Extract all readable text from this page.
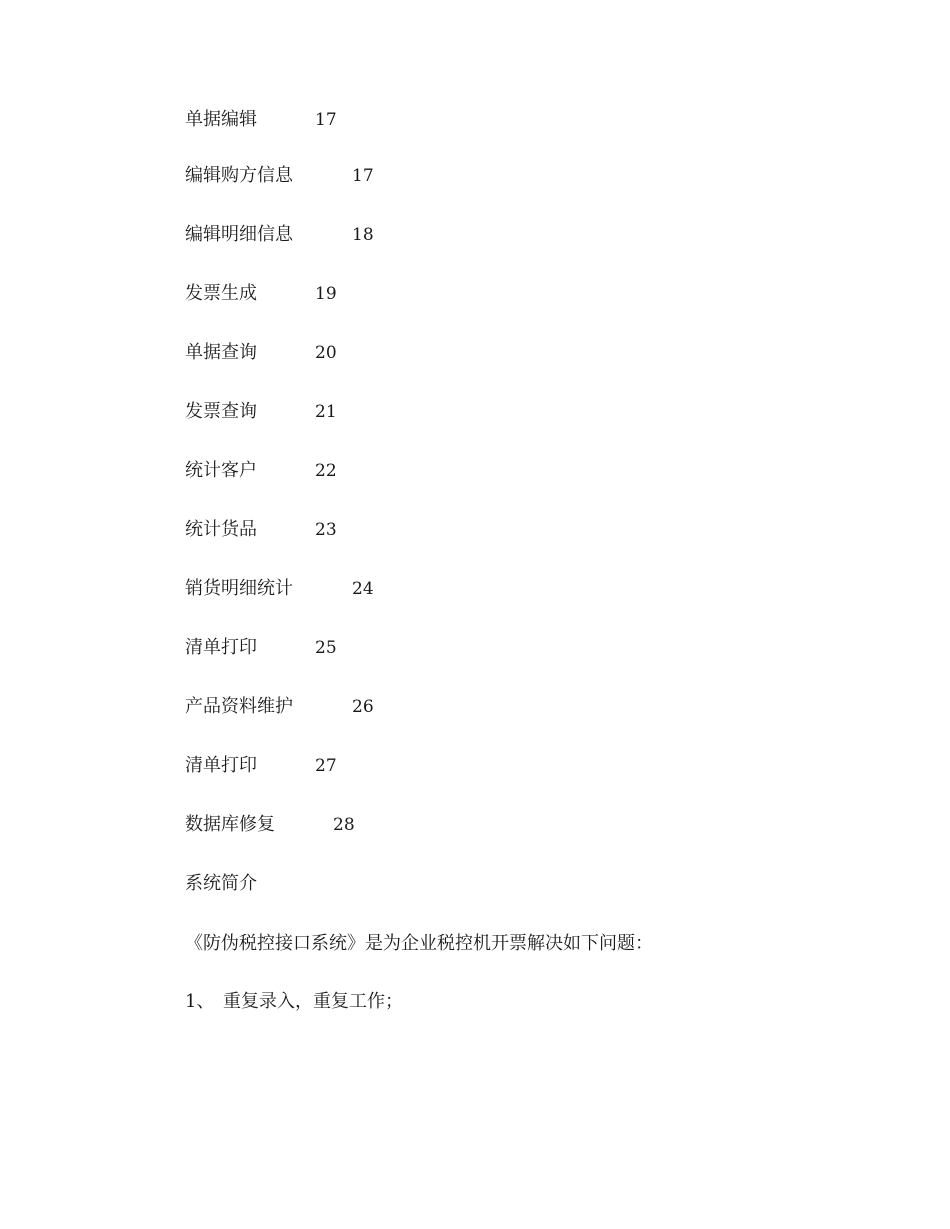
单据编辑	17
编辑购方信息	17
编辑明细信息	18
发票生成	19
单据查询	20
发票查询	21
统计客户	22
统计货品	23
销货明细统计	24
清单打印	25
产品资料维护	26
清单打印	27
数据库修复	28
系统简介
《防伪税控接口系统》是为企业税控机开票解决如下问题：
1、 重复录入，重复工作；
